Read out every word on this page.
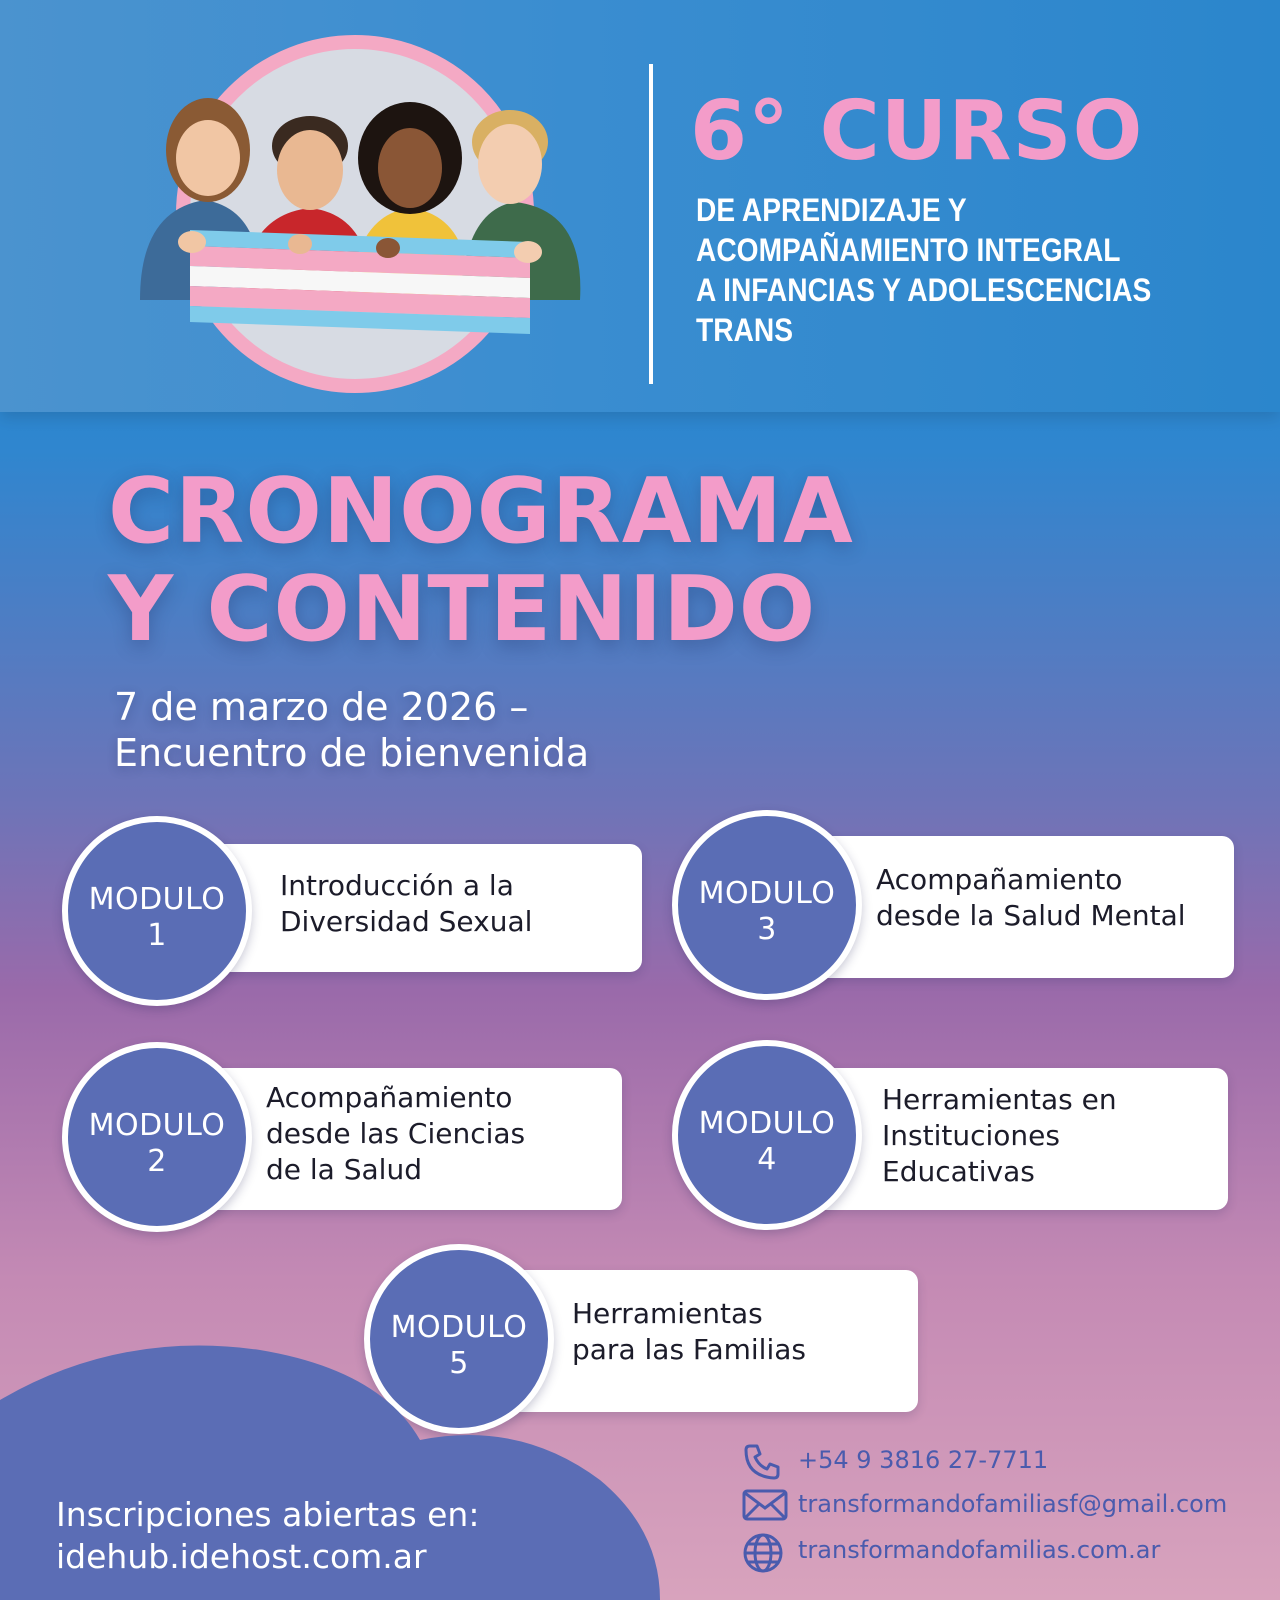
6° CURSO
DE APRENDIZAJE Y
ACOMPAÑAMIENTO INTEGRAL
A INFANCIAS Y ADOLESCENCIAS
TRANS
CRONOGRAMA
Y CONTENIDO
7 de marzo de 2026 –
Encuentro de bienvenida
MODULO
1
Introducción a la
Diversidad Sexual
MODULO
3
Acompañamiento
desde la Salud Mental
MODULO
2
Acompañamiento
desde las Ciencias
de la Salud
MODULO
4
Herramientas en
Instituciones
Educativas
MODULO
5
Herramientas
para las Familias
Inscripciones abiertas en:
idehub.idehost.com.ar
+54 9 3816 27-7711
transformandofamiliasf@gmail.com
transformandofamilias.com.ar
